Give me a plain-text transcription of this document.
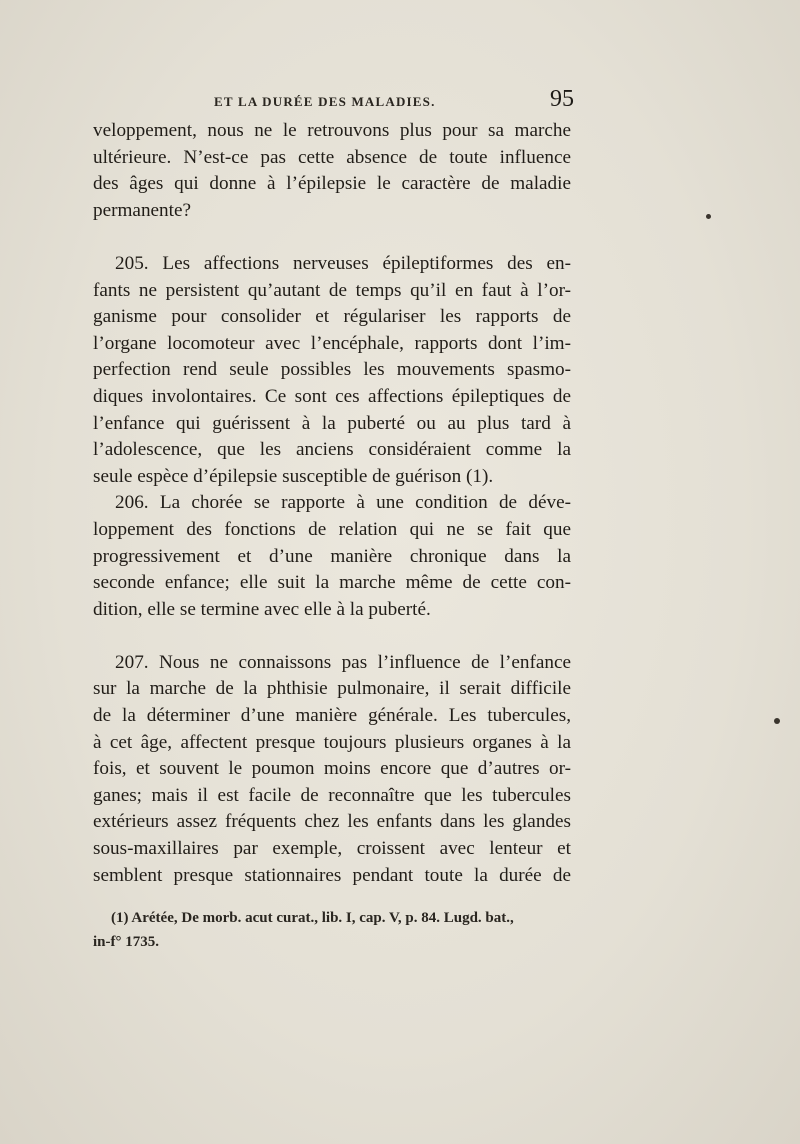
ET LA DURÉE DES MALADIES.	95
veloppement, nous ne le retrouvons plus pour sa marche
ultérieure. N’est-ce pas cette absence de toute influence
des âges qui donne à l’épilepsie le caractère de maladie
permanente?
205. Les affections nerveuses épileptiformes des en-
fants ne persistent qu’autant de temps qu’il en faut à l’or-
ganisme pour consolider et régulariser les rapports de
l’organe locomoteur avec l’encéphale, rapports dont l’im-
perfection rend seule possibles les mouvements spasmo-
diques involontaires. Ce sont ces affections épileptiques de
l’enfance qui guérissent à la puberté ou au plus tard à
l’adolescence, que les anciens considéraient comme la
seule espèce d’épilepsie susceptible de guérison (1).
206. La chorée se rapporte à une condition de déve-
loppement des fonctions de relation qui ne se fait que
progressivement et d’une manière chronique dans la
seconde enfance; elle suit la marche même de cette con-
dition, elle se termine avec elle à la puberté.
207. Nous ne connaissons pas l’influence de l’enfance
sur la marche de la phthisie pulmonaire, il serait difficile
de la déterminer d’une manière générale. Les tubercules,
à cet âge, affectent presque toujours plusieurs organes à la
fois, et souvent le poumon moins encore que d’autres or-
ganes; mais il est facile de reconnaître que les tubercules
extérieurs assez fréquents chez les enfants dans les glandes
sous-maxillaires par exemple, croissent avec lenteur et
semblent presque stationnaires pendant toute la durée de
(1) Arétée, De morb. acut curat., lib. I, cap. V, p. 84. Lugd. bat.,
in-f° 1735.
